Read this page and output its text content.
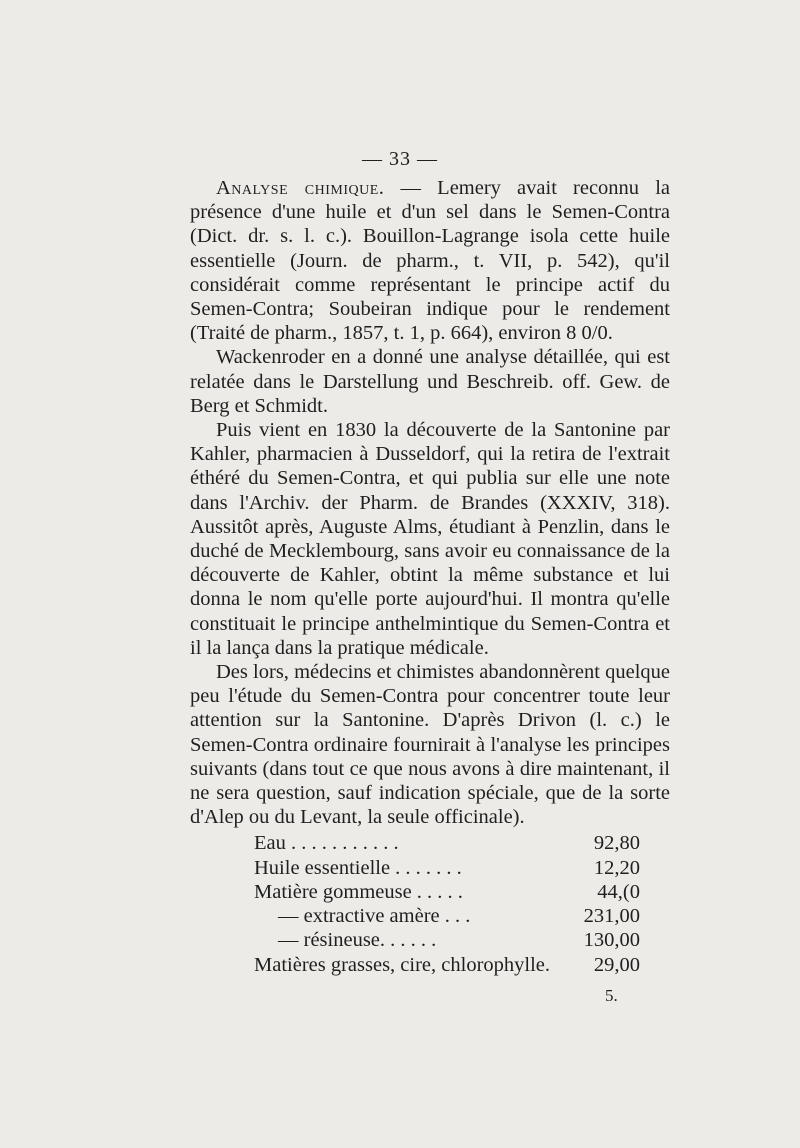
— 33 —

Analyse chimique. — Lemery avait reconnu la présence d'une huile et d'un sel dans le Semen-Contra (Dict. dr. s. l. c.). Bouillon-Lagrange isola cette huile essentielle (Journ. de pharm., t. VII, p. 542), qu'il considérait comme représentant le principe actif du Semen-Contra; Soubeiran indique pour le rendement (Traité de pharm., 1857, t. 1, p. 664), environ 8 0/0.

Wackenroder en a donné une analyse détaillée, qui est relatée dans le Darstellung und Beschreib. off. Gew. de Berg et Schmidt.

Puis vient en 1830 la découverte de la Santonine par Kahler, pharmacien à Dusseldorf, qui la retira de l'extrait éthéré du Semen-Contra, et qui publia sur elle une note dans l'Archiv. der Pharm. de Brandes (XXXIV, 318). Aussitôt après, Auguste Alms, étudiant à Penzlin, dans le duché de Mecklembourg, sans avoir eu connaissance de la découverte de Kahler, obtint la même substance et lui donna le nom qu'elle porte aujourd'hui. Il montra qu'elle constituait le principe anthelmintique du Semen-Contra et il la lança dans la pratique médicale.

Des lors, médecins et chimistes abandonnèrent quelque peu l'étude du Semen-Contra pour concentrer toute leur attention sur la Santonine. D'après Drivon (l. c.) le Semen-Contra ordinaire fournirait à l'analyse les principes suivants (dans tout ce que nous avons à dire maintenant, il ne sera question, sauf indication spéciale, que de la sorte d'Alep ou du Levant, la seule officinale).

Eau . . . . . . . . . . .	92,80
Huile essentielle . . . . . . .	12,20
Matière gommeuse . . . . .	44,(0
— extractive amère . . .	231,00
— résineuse. . . . . .	130,00
Matières grasses, cire, chlorophylle.	29,00
5.
